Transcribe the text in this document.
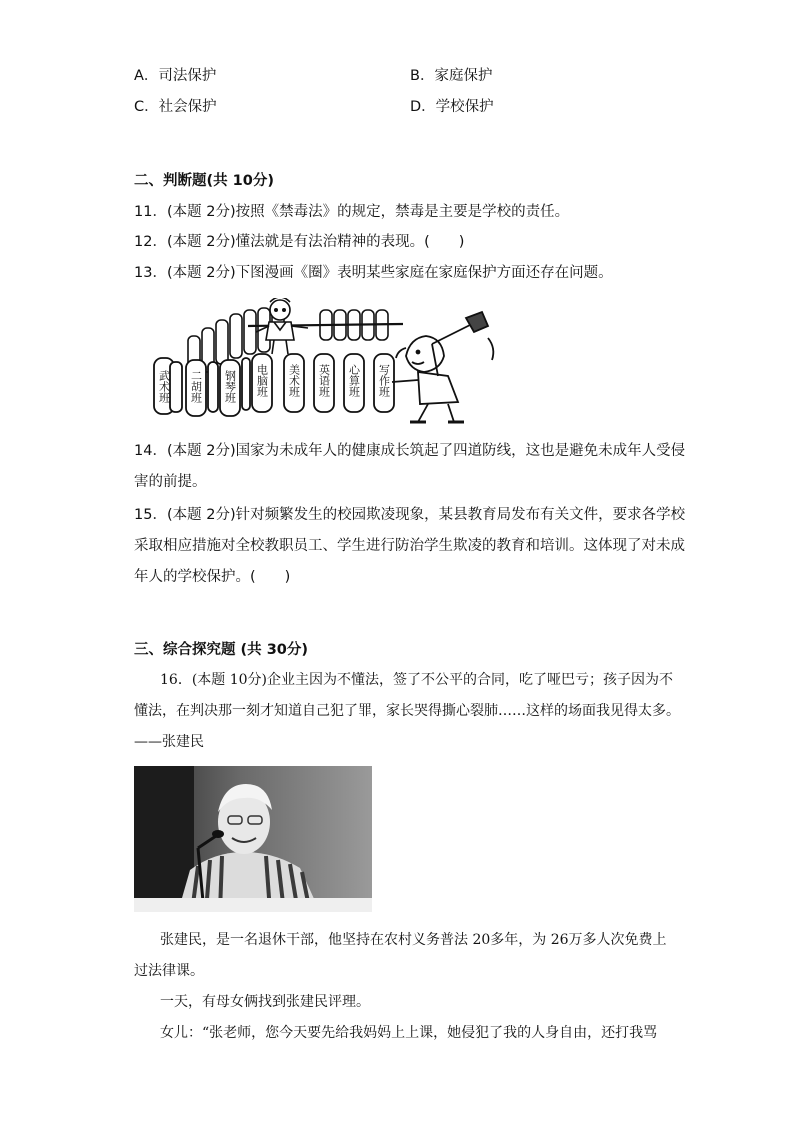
A．司法保护	B．家庭保护
C．社会保护	D．学校保护
二、判断题(共 10分)
11．(本题 2分)按照《禁毒法》的规定，禁毒是主要是学校的责任。
12．(本题 2分)懂法就是有法治精神的表现。(　　)
13．(本题 2分)下图漫画《圈》表明某些家庭在家庭保护方面还存在问题。
武术班 二胡班 钢琴班 电脑班 美术班 英语班 心算班 写作班
14．(本题 2分)国家为未成年人的健康成长筑起了四道防线，这也是避免未成年人受侵
害的前提。
15．(本题 2分)针对频繁发生的校园欺凌现象，某县教育局发布有关文件，要求各学校
采取相应措施对全校教职员工、学生进行防治学生欺凌的教育和培训。这体现了对未成
年人的学校保护。(　　)
三、综合探究题 (共 30分)
16．(本题 10分)企业主因为不懂法，签了不公平的合同，吃了哑巴亏；孩子因为不
懂法，在判决那一刻才知道自己犯了罪，家长哭得撕心裂肺……这样的场面我见得太多。
——张建民
张建民，是一名退休干部，他坚持在农村义务普法 20多年，为 26万多人次免费上
过法律课。
一天，有母女俩找到张建民评理。
女儿：“张老师，您今天要先给我妈妈上上课，她侵犯了我的人身自由，还打我骂
